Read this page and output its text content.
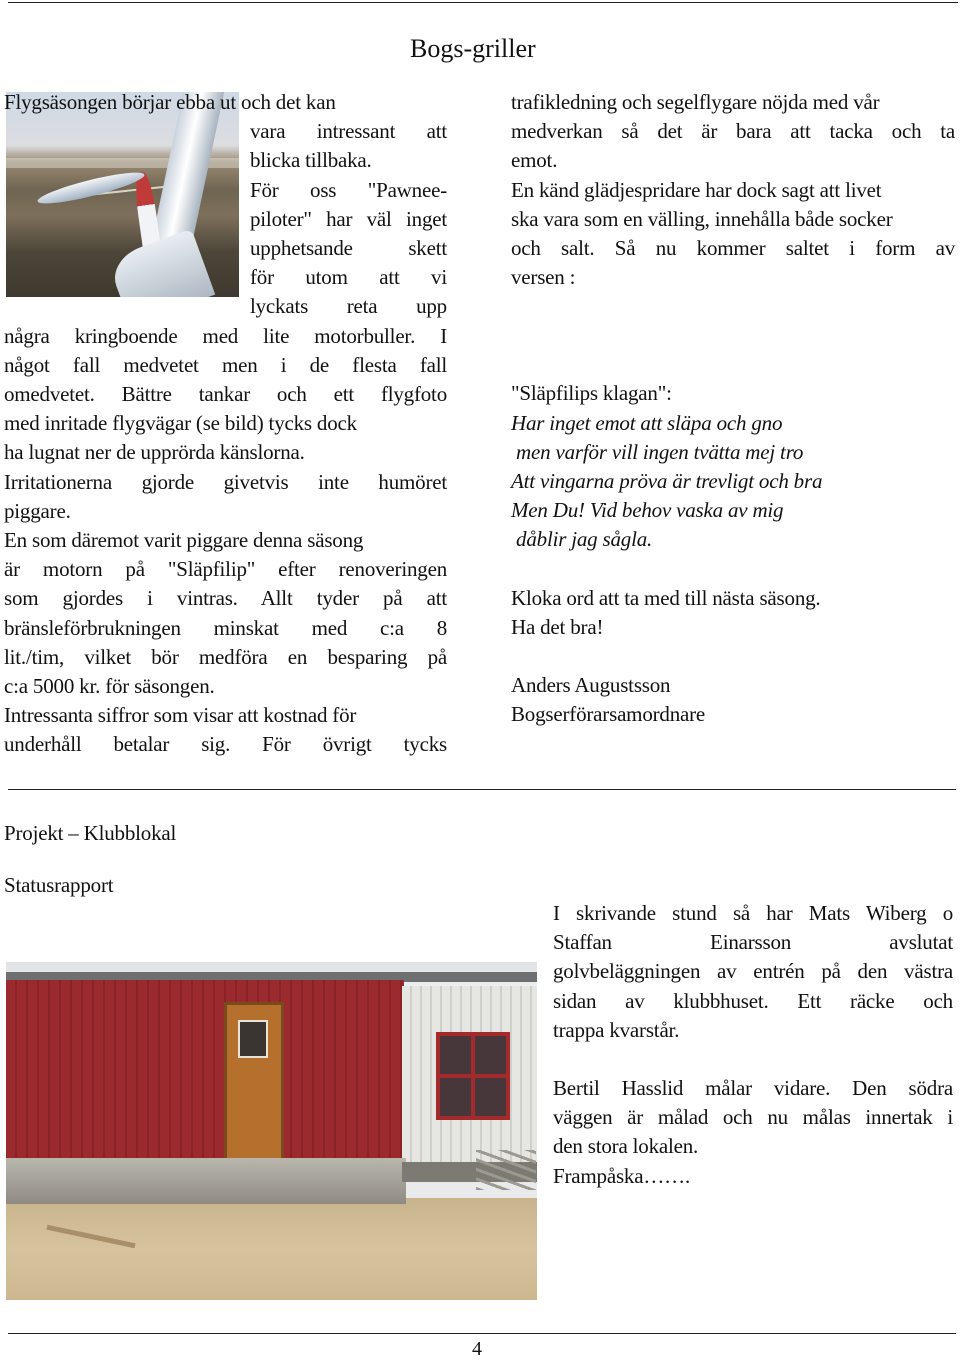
Bogs-griller

Flygsäsongen börjar ebba ut och det kan

vara intressant att

blicka tillbaka.

För oss "Pawnee-

piloter" har väl inget

upphetsande skett

för utom att vi

lyckats reta upp

några kringboende med lite motorbuller. I

något fall medvetet men i de flesta fall

omedvetet. Bättre tankar och ett flygfoto

med inritade flygvägar (se bild) tycks dock

ha lugnat ner de upprörda känslorna.

Irritationerna gjorde givetvis inte humöret

piggare.

En som däremot varit piggare denna säsong

är motorn på "Släpfilip" efter renoveringen

som gjordes i vintras. Allt tyder på att

bränsleförbrukningen minskat med c:a 8

lit./tim, vilket bör medföra en besparing på

c:a 5000 kr. för säsongen.

Intressanta siffror som visar att kostnad för

underhåll betalar sig. För övrigt tycks

trafikledning och segelflygare nöjda med vår

medverkan så det är bara att tacka och ta

emot.

En känd glädjespridare har dock sagt att livet

ska vara som en välling, innehålla både socker

och salt. Så nu kommer saltet i form av

versen :

"Släpfilips klagan":

Har inget emot att släpa och gno

men varför vill ingen tvätta mej tro

Att vingarna pröva är trevligt och bra

Men Du! Vid behov vaska av mig

dåblir jag sågla.

Kloka ord att ta med till nästa säsong.

Ha det bra!

Anders Augustsson

Bogserförarsamordnare

Projekt – Klubblokal
Statusrapport

I skrivande stund så har Mats Wiberg o

Staffan Einarsson avslutat

golvbeläggningen av entrén på den västra

sidan av klubbhuset. Ett räcke och

trappa kvarstår.

Bertil Hasslid målar vidare. Den södra

väggen är målad och nu målas innertak i

den stora lokalen.

Frampåska…….

4
